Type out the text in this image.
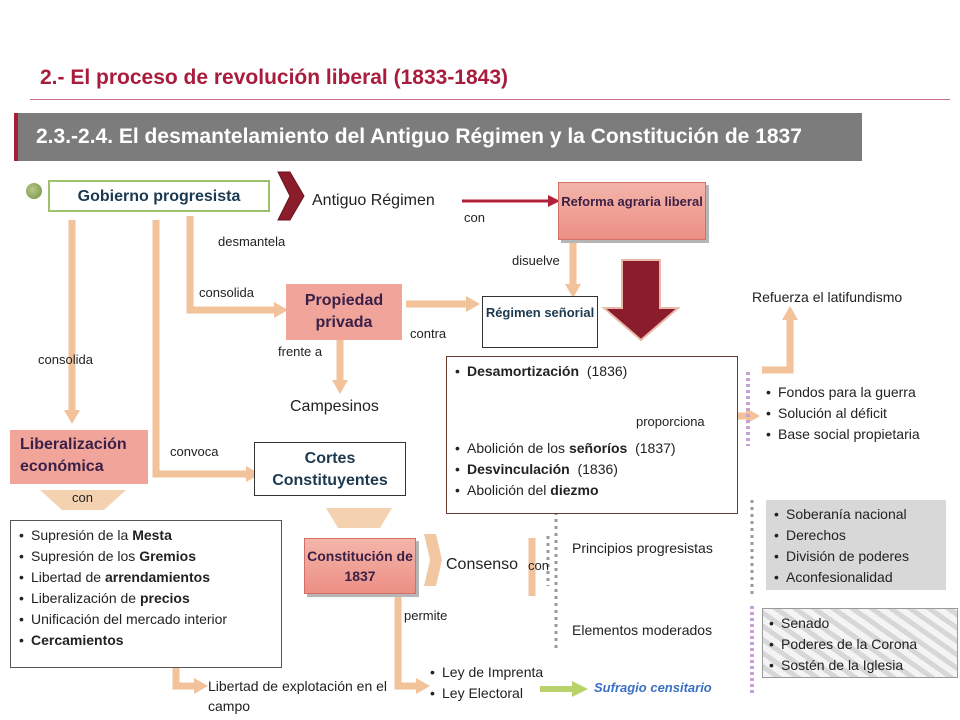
2.- El proceso de revolución liberal (1833-1843)
2.3.-2.4. El desmantelamiento del Antiguo Régimen y la Constitución de 1837
Gobierno progresista	Antiguo Régimen
con
desmantela
Reforma agraria liberal
disuelve
consolida	Propiedad privada
contra
Régimen señorial
frente a
Campesinos
Refuerza el latifundismo
consolida
• Desamortización (1836)
• Abolición de los señoríos (1837)
• Desvinculación (1836)
• Abolición del diezmo
proporciona
• Fondos para la guerra
• Solución al déficit
• Base social propietaria
Liberalización económica
convoca	Cortes Constituyentes
con
• Supresión de la Mesta
• Supresión de los Gremios
• Libertad de arrendamientos
• Liberalización de precios
• Unificación del mercado interior
• Cercamientos
Constitución de 1837
Consenso con
permite
Principios progresistas
Elementos moderados
• Soberanía nacional
• Derechos
• División de poderes
• Aconfesionalidad
• Senado
• Poderes de la Corona
• Sostén de la Iglesia
• Ley de Imprenta
• Ley Electoral	Sufragio censitario
Libertad de explotación en el campo
